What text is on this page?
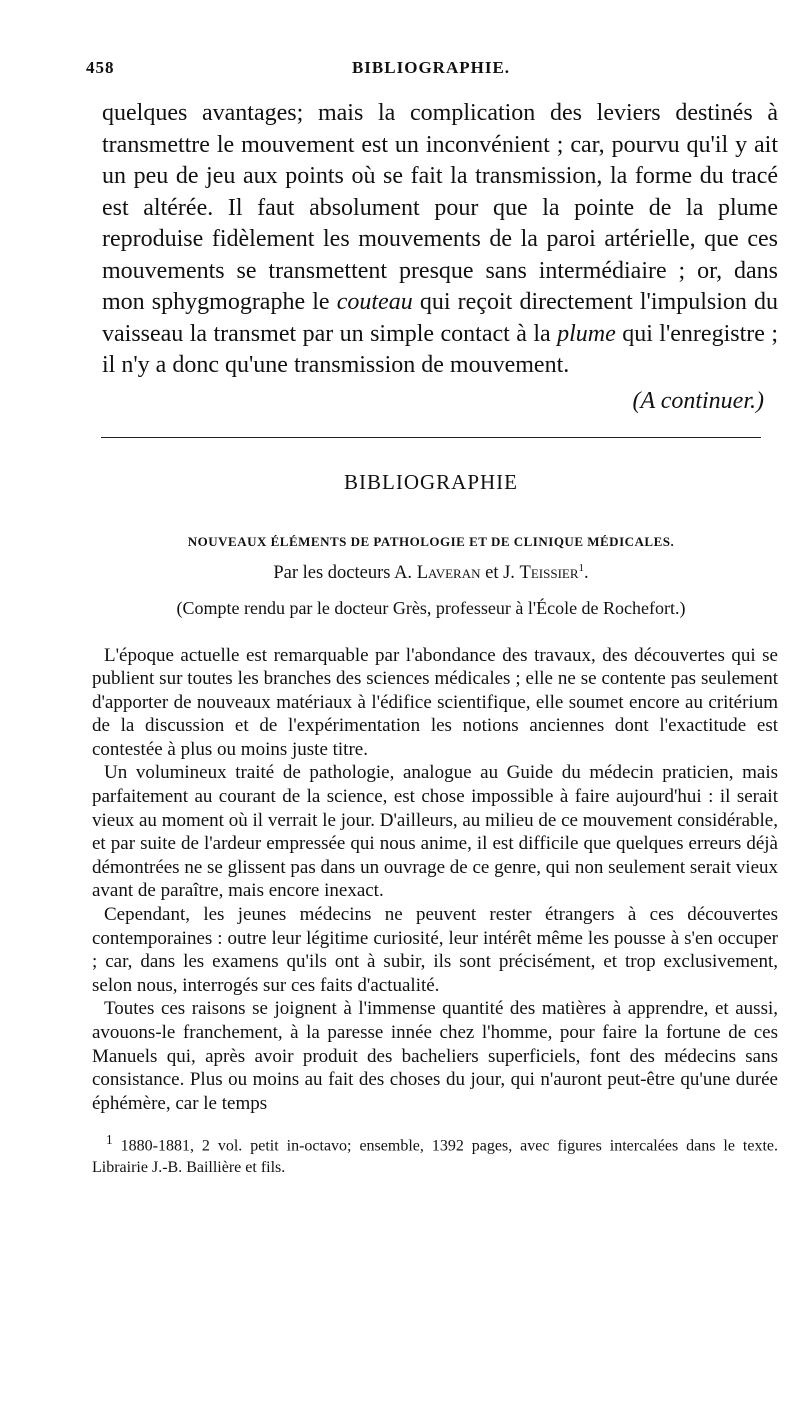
458	BIBLIOGRAPHIE.

quelques avantages; mais la complication des leviers destinés à transmettre le mouvement est un inconvénient ; car, pourvu qu'il y ait un peu de jeu aux points où se fait la transmission, la forme du tracé est altérée. Il faut absolument pour que la pointe de la plume reproduise fidèlement les mouvements de la paroi artérielle, que ces mouvements se transmettent presque sans intermédiaire ; or, dans mon sphygmographe le couteau qui reçoit directement l'impulsion du vaisseau la transmet par un simple contact à la plume qui l'enregistre ; il n'y a donc qu'une transmission de mouvement.

(A continuer.)
BIBLIOGRAPHIE
NOUVEAUX ÉLÉMENTS DE PATHOLOGIE ET DE CLINIQUE MÉDICALES.
Par les docteurs A. Laveran et J. Teissier$^1$.
(Compte rendu par le docteur Grès, professeur à l'École de Rochefort.)

L'époque actuelle est remarquable par l'abondance des travaux, des découvertes qui se publient sur toutes les branches des sciences médicales ; elle ne se contente pas seulement d'apporter de nouveaux matériaux à l'édifice scientifique, elle soumet encore au critérium de la discussion et de l'expérimentation les notions anciennes dont l'exactitude est contestée à plus ou moins juste titre.

Un volumineux traité de pathologie, analogue au Guide du médecin praticien, mais parfaitement au courant de la science, est chose impossible à faire aujourd'hui : il serait vieux au moment où il verrait le jour. D'ailleurs, au milieu de ce mouvement considérable, et par suite de l'ardeur empressée qui nous anime, il est difficile que quelques erreurs déjà démontrées ne se glissent pas dans un ouvrage de ce genre, qui non seulement serait vieux avant de paraître, mais encore inexact.

Cependant, les jeunes médecins ne peuvent rester étrangers à ces découvertes contemporaines : outre leur légitime curiosité, leur intérêt même les pousse à s'en occuper ; car, dans les examens qu'ils ont à subir, ils sont précisément, et trop exclusivement, selon nous, interrogés sur ces faits d'actualité.

Toutes ces raisons se joignent à l'immense quantité des matières à apprendre, et aussi, avouons-le franchement, à la paresse innée chez l'homme, pour faire la fortune de ces Manuels qui, après avoir produit des bacheliers superficiels, font des médecins sans consistance. Plus ou moins au fait des choses du jour, qui n'auront peut-être qu'une durée éphémère, car le temps

$^1$ 1880-1881, 2 vol. petit in-octavo; ensemble, 1392 pages, avec figures intercalées dans le texte. Librairie J.-B. Baillière et fils.
